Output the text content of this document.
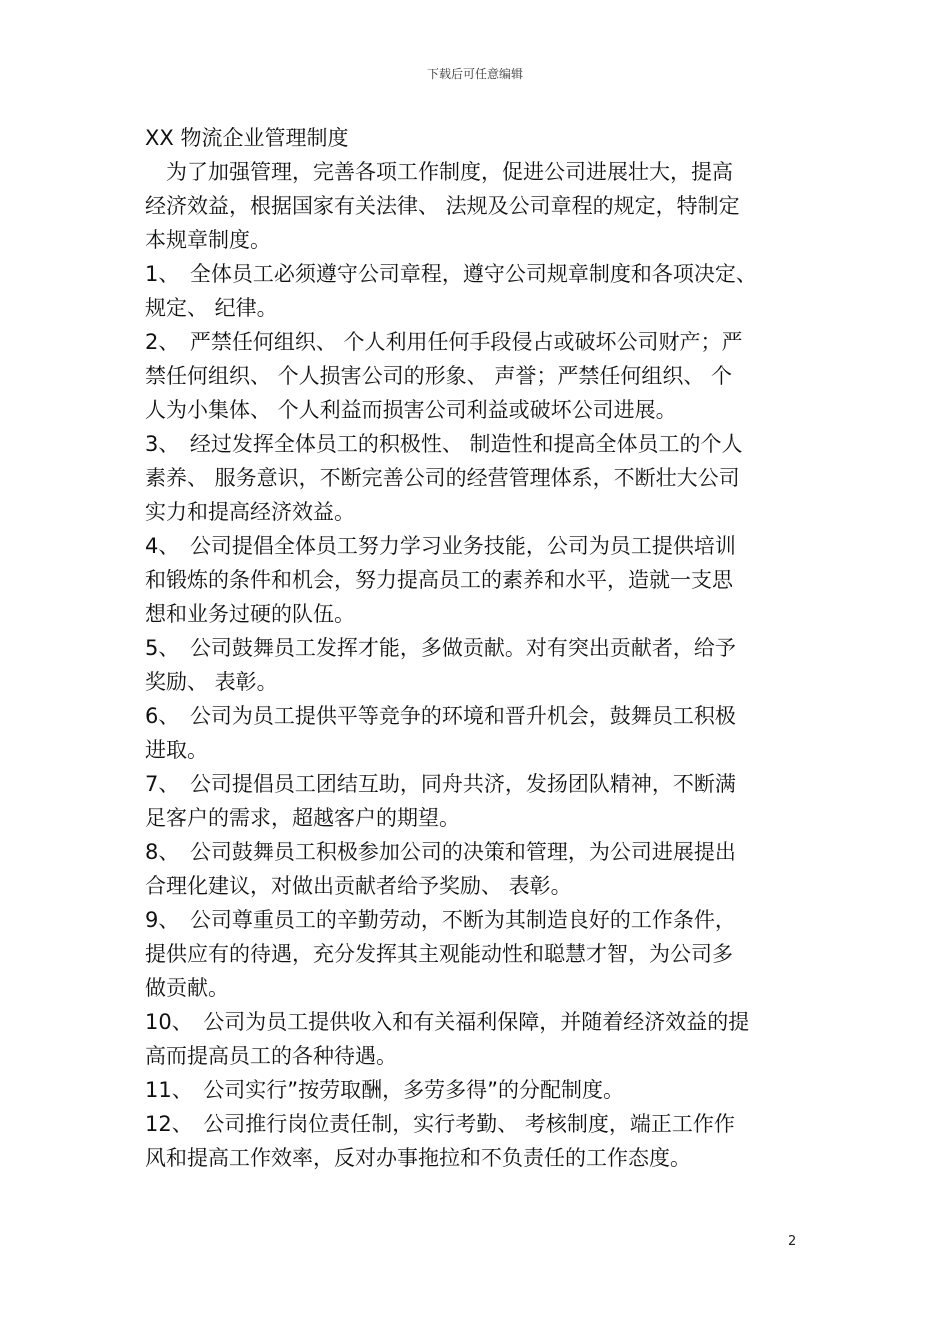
下载后可任意编辑
XX 物流企业管理制度
　为了加强管理，完善各项工作制度，促进公司进展壮大，提高
经济效益，根据国家有关法律、 法规及公司章程的规定，特制定
本规章制度。
1、　全体员工必须遵守公司章程，遵守公司规章制度和各项决定、
规定、 纪律。
2、　严禁任何组织、 个人利用任何手段侵占或破坏公司财产；严
禁任何组织、 个人损害公司的形象、 声誉；严禁任何组织、 个
人为小集体、 个人利益而损害公司利益或破坏公司进展。
3、　经过发挥全体员工的积极性、 制造性和提高全体员工的个人
素养、 服务意识，不断完善公司的经营管理体系，不断壮大公司
实力和提高经济效益。
4、　公司提倡全体员工努力学习业务技能，公司为员工提供培训
和锻炼的条件和机会，努力提高员工的素养和水平，造就一支思
想和业务过硬的队伍。
5、　公司鼓舞员工发挥才能，多做贡献。对有突出贡献者，给予
奖励、 表彰。
6、　公司为员工提供平等竞争的环境和晋升机会，鼓舞员工积极
进取。
7、　公司提倡员工团结互助，同舟共济，发扬团队精神，不断满
足客户的需求，超越客户的期望。
8、　公司鼓舞员工积极参加公司的决策和管理，为公司进展提出
合理化建议，对做出贡献者给予奖励、 表彰。
9、　公司尊重员工的辛勤劳动，不断为其制造良好的工作条件，
提供应有的待遇，充分发挥其主观能动性和聪慧才智，为公司多
做贡献。
10、　公司为员工提供收入和有关福利保障，并随着经济效益的提
高而提高员工的各种待遇。
11、　公司实行”按劳取酬，多劳多得”的分配制度。
12、　公司推行岗位责任制，实行考勤、 考核制度，端正工作作
风和提高工作效率，反对办事拖拉和不负责任的工作态度。
2
